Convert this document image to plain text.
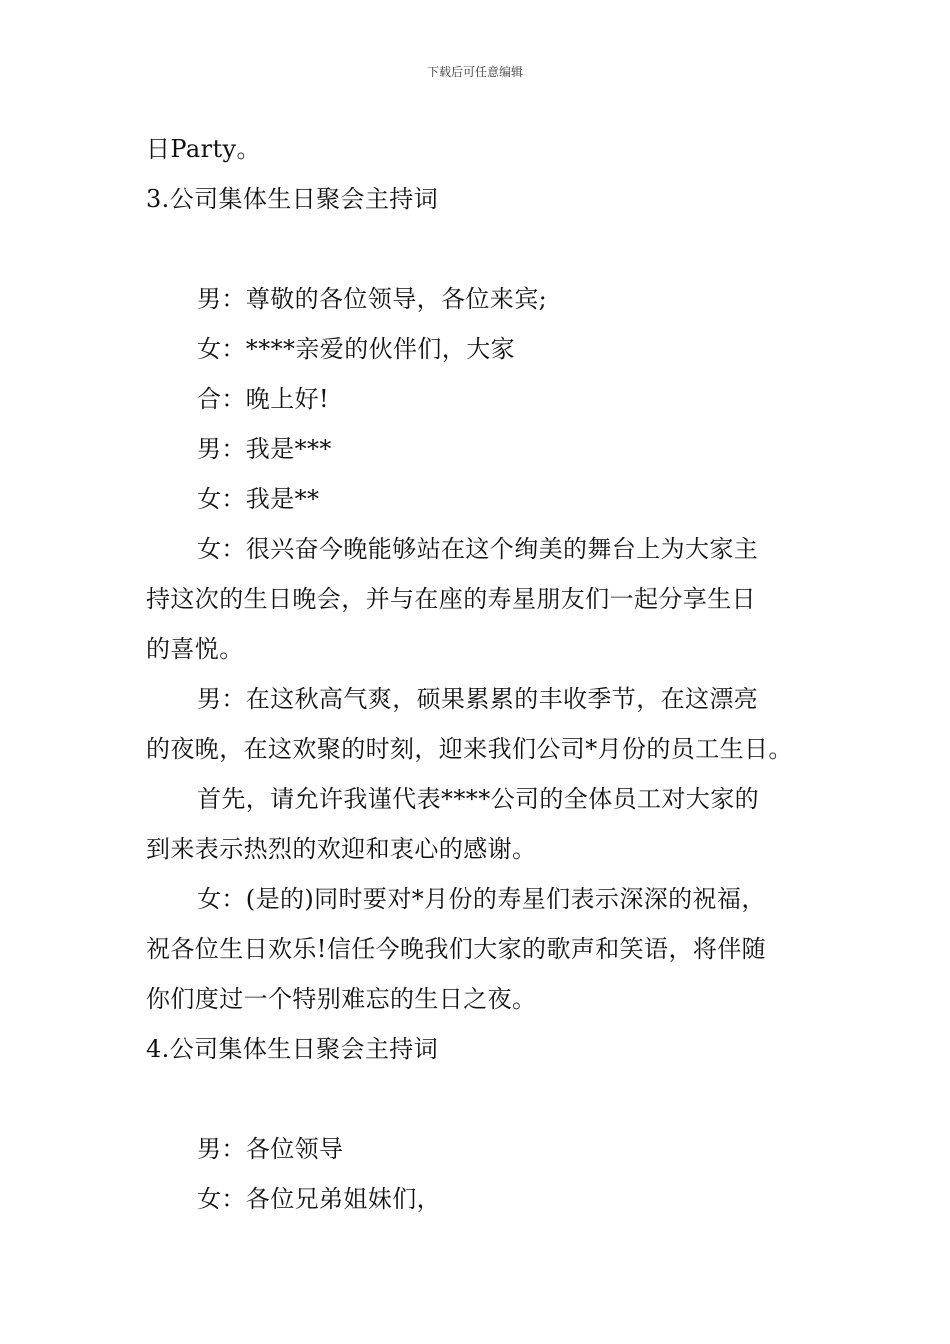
下载后可任意编辑
日Party。
3.公司集体生日聚会主持词
男：尊敬的各位领导，各位来宾;
女：****亲爱的伙伴们，大家
合：晚上好!
男：我是***
女：我是**
女：很兴奋今晚能够站在这个绚美的舞台上为大家主
持这次的生日晚会，并与在座的寿星朋友们一起分享生日
的喜悦。
男：在这秋高气爽，硕果累累的丰收季节，在这漂亮
的夜晚，在这欢聚的时刻，迎来我们公司*月份的员工生日。
首先，请允许我谨代表****公司的全体员工对大家的
到来表示热烈的欢迎和衷心的感谢。
女：(是的)同时要对*月份的寿星们表示深深的祝福，
祝各位生日欢乐!信任今晚我们大家的歌声和笑语，将伴随
你们度过一个特别难忘的生日之夜。
4.公司集体生日聚会主持词
男：各位领导
女：各位兄弟姐妹们，
